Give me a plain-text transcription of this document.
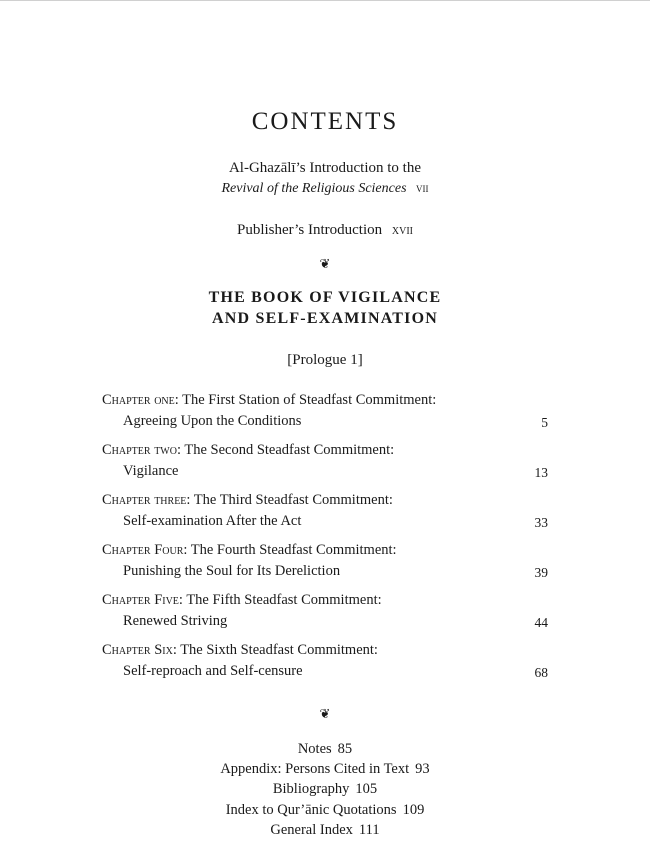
CONTENTS
Al-Ghazālī’s Introduction to the
Revival of the Religious Sciences vii
Publisher’s Introduction xvii
❦
THE BOOK OF VIGILANCE
AND SELF-EXAMINATION
[Prologue 1]
Chapter one: The First Station of Steadfast Commitment:
Agreeing Upon the Conditions	5
Chapter two: The Second Steadfast Commitment:
Vigilance	13
Chapter three: The Third Steadfast Commitment:
Self-examination After the Act	33
Chapter Four: The Fourth Steadfast Commitment:
Punishing the Soul for Its Dereliction	39
Chapter Five: The Fifth Steadfast Commitment:
Renewed Striving	44
Chapter Six: The Sixth Steadfast Commitment:
Self-reproach and Self-censure	68
❦
Notes 85
Appendix: Persons Cited in Text 93
Bibliography 105
Index to Qur’ānic Quotations 109
General Index 111
